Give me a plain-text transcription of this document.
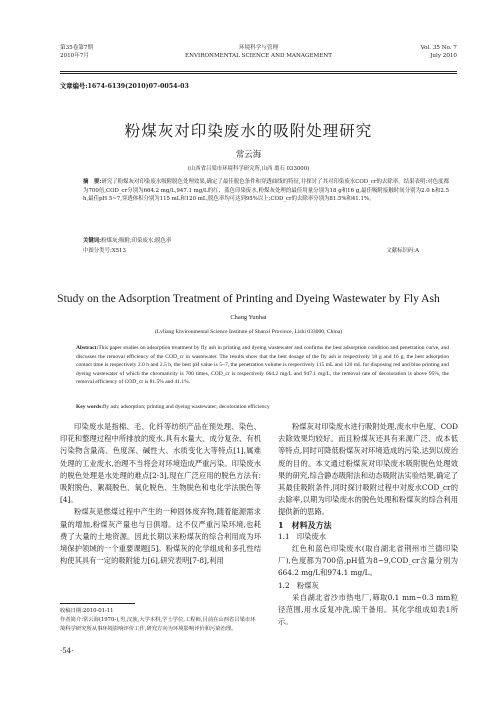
第35卷第7期
2010年7月
环境科学与管理
ENVIRONMENTAL SCIENCE AND MANAGEMENT
Vol. 35 No. 7
July 2010
文章编号:1674-6139(2010)07-0054-03
粉煤灰对印染废水的吸附处理研究
常云海
(山西省吕梁市环境科学研究所,山西 离石 033000)
摘　要:研究了粉煤灰对印染废水吸附脱色处理效果,确定了最佳脱色条件和穿透曲线的特征,并探讨了其对印染废水COD_cr的去除率。结果表明:对色度都为700倍,COD_cr分别为664.2 mg/L,947.1 mg/L的红、蓝色印染废水,粉煤灰处理的最佳用量分别为18 g和16 g,最佳吸附接触时间分别为2.0 h和2.5 h,最佳pH 5~7,穿透体积分别为115 mL和120 mL,脱色率均可达到95%以上;COD_cr的去除率分别为81.5%和41.1%。
关键词:粉煤灰;吸附;印染废水;脱色率
中图分类号:X513	文献标识码:A
Study on the Adsorption Treatment of Printing and Dyeing Wastewater by Fly Ash
Chang Yunhai
(Lvliang Environmental Science Institute of Shanxi Province, Lishi 033000, China)
Abstract:This paper studies on adsorption treatment by fly ash in printing and dyeing wastewater and confirms the best adsorption condition and penetration curve, and discusses the removal efficiency of the COD_cr in wastewater. The results show that the best dosage of the fly ash is respectively 18 g and 16 g, the best adsorption contact time is respectively 2.0 h and 2.5 h, the best pH value is 5~7, the penetration volume is respectively 115 mL and 120 mL for disposing red and blue printing and dyeing wastewater of which the chromaticity is 700 times, COD_cr is respectively 664.2 mg/L and 947.1 mg/L, the removal rate of decoloration is above 95%, the removal efficiency of COD_cr is 81.5% and 41.1%.
Key words:fly ash; adsorption; printing and dyeing wastewater; decoloration efficiency

印染废水是指棉、毛、化纤等纺织产品在预处理、染色、印花和整理过程中所排放的废水,具有水量大、成分复杂、有机污染物含量高、色度深、碱性大、水质变化大等特点[1],属难处理的工业废水,治理不当将会对环境造成严重污染。印染废水的脱色处理是水处理的难点[2-3],现在广泛应用的脱色方法有:吸附脱色、絮凝脱色、氧化脱色、生物脱色和电化学法脱色等[4]。

粉煤灰是燃煤过程中产生的一种固体废弃物,随着能源需求量的增加,粉煤灰产量也与日俱增。这不仅严重污染环境,也耗费了大量的土地资源。因此长期以来粉煤灰的综合利用成为环境保护领域的一个重要课题[5]。粉煤灰的化学组成和多孔性结构使其具有一定的吸附能力[6],研究表明[7-8],利用

粉煤灰对印染废水进行吸附处理,废水中色度、COD去除效果均较好。而且粉煤灰还具有来源广泛、成本低等特点,同时可降低粉煤灰对环境造成的污染,达到以废治废的目的。本文通过粉煤灰对印染废水吸附脱色处理效果的研究,综合静态吸附法和动态吸附法实验结果,确定了其最佳吸附条件,同时探讨吸附过程中对废水COD_cr的去除率,以期为印染废水的脱色处理和粉煤灰的综合利用提供新的思路。

1　材料及方法

1.1　印染废水

红色和蓝色印染废水(取自湖北省荆州市兰德印染厂),色度都为700倍,pH值为8~9,COD_cr含量分别为664.2 mg/L和974.1 mg/L。

1.2　粉煤灰

采自湖北省沙市热电厂,筛取0.1 mm~0.3 mm粒径范围,用水反复冲洗,晾干备用。其化学组成如表1所示。

收稿日期:2010-01-11
作者简介:常云海(1970-),男,汉族,大学本科,学士学位,工程师,目前在山西省吕梁市环境科学研究所从事环境影响评价工作,研究方向为环境影响评价和污染治理。
·54·
